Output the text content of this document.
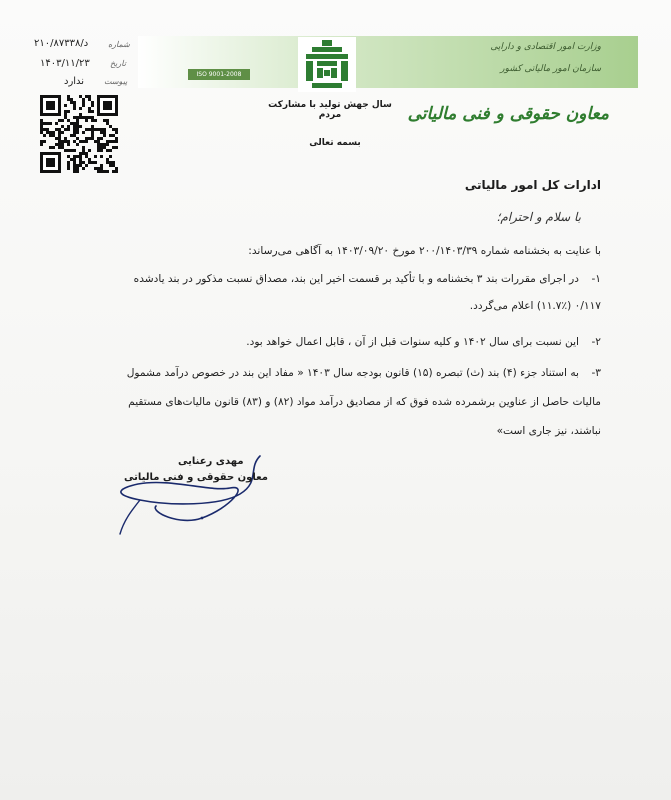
ISO 9001-2008
وزارت امور اقتصادی و دارایی
سازمان امور مالیاتی کشور
معاون حقوقی و فنی مالیاتی
۲۱۰/۸۷۳۳۸/د شماره
۱۴۰۳/۱۱/۲۳	تاریخ
ندارد پیوست
سال جهش تولید با مشارکت مردم
بسمه تعالی
ادارات کل امور مالیاتی
با سلام و احترام؛
با عنایت به بخشنامه شماره ۲۰۰/۱۴۰۳/۳۹ مورخ ۱۴۰۳/۰۹/۲۰ به آگاهی می‌رساند:
۱-در اجرای مقررات بند ۳ بخشنامه و با تأکید بر قسمت اخیر این بند، مصداق نسبت مذکور در بند یادشده
۰/۱۱۷ (۱۱.۷٪) اعلام می‌گردد.
۲-این نسبت برای سال ۱۴۰۲ و کلیه سنوات قبل از آن ، قابل اعمال خواهد بود.
۳-به استناد جزء (۴) بند (ث) تبصره (۱۵) قانون بودجه سال ۱۴۰۳ « مفاد این بند در خصوص درآمد مشمول
مالیات حاصل از عناوین برشمرده شده فوق که از مصادیق درآمد مواد (۸۲) و (۸۳) قانون مالیات‌های مستقیم
نباشند، نیز جاری است»
مهدی رعنایی
معاون حقوقی و فنی مالیاتی
